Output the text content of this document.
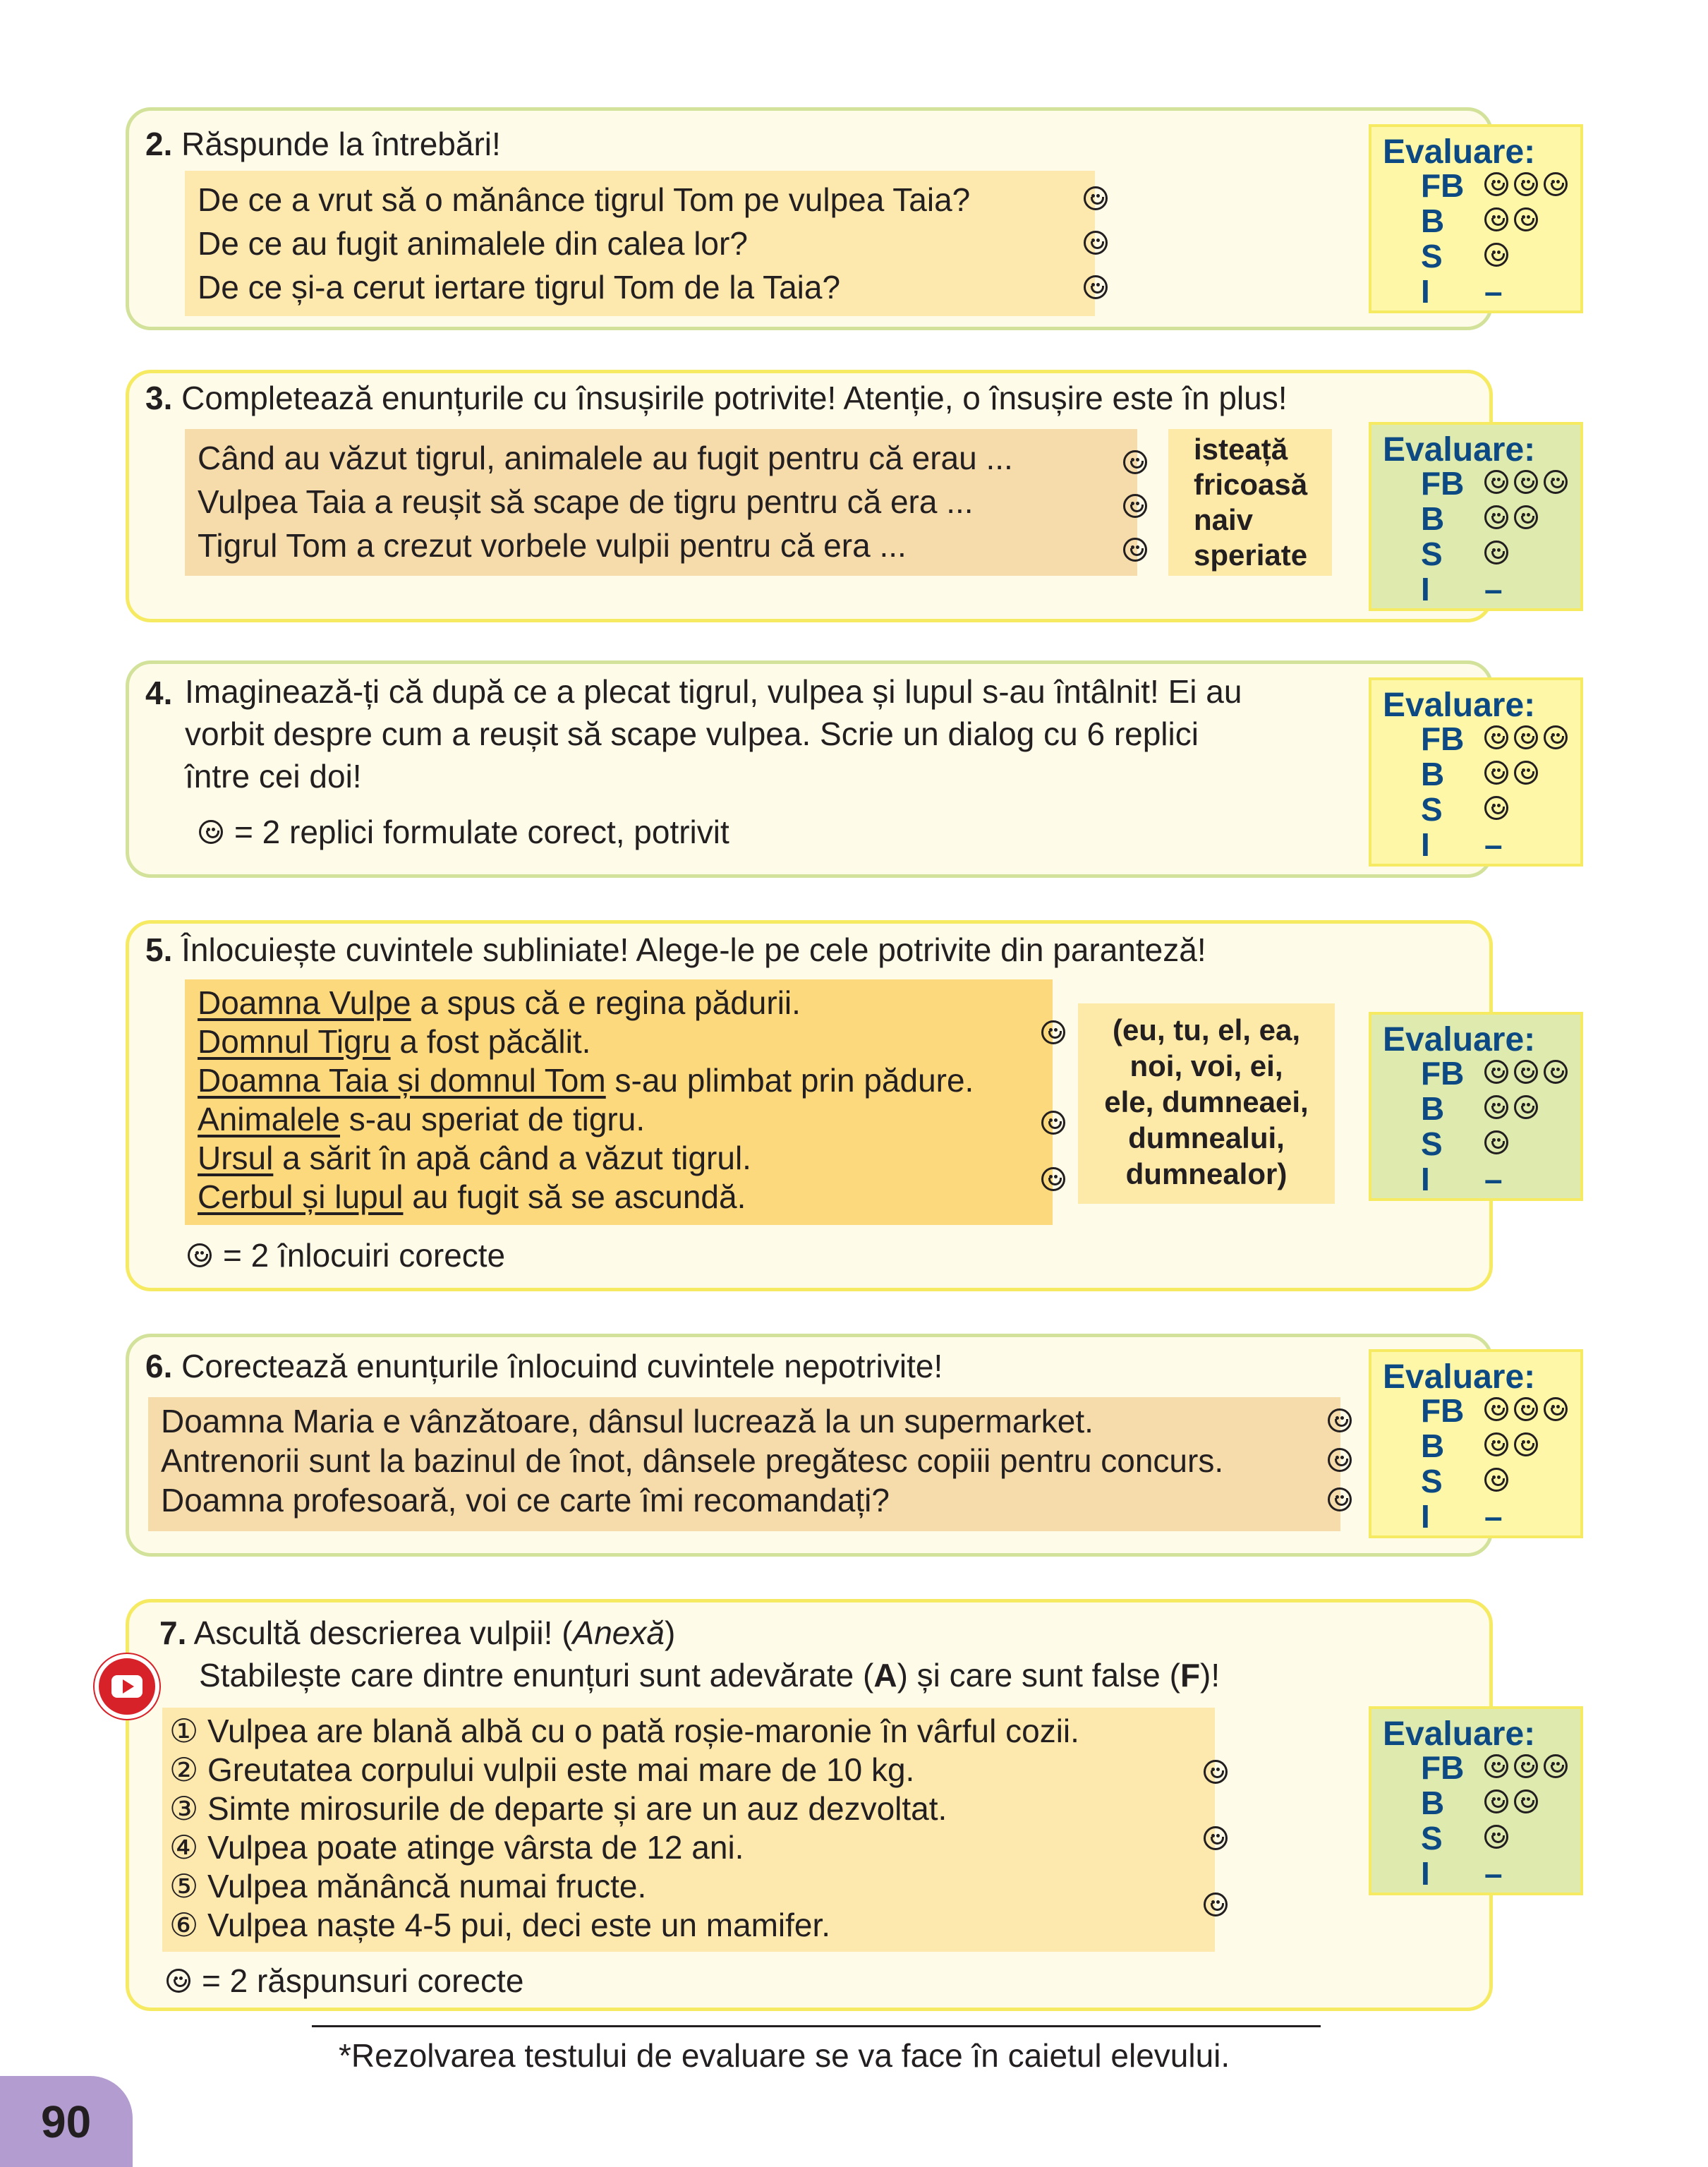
2. Răspunde la întrebări!
De ce a vrut să o mănânce tigrul Tom pe vulpea Taia?
De ce au fugit animalele din calea lor?
De ce și-a cerut iertare tigrul Tom de la Taia?
Evaluare:
FB
B
S
I –
3. Completează enunțurile cu însușirile potrivite! Atenție, o însușire este în plus!
Când au văzut tigrul, animalele au fugit pentru că erau ...
Vulpea Taia a reușit să scape de tigru pentru că era ...
Tigrul Tom a crezut vorbele vulpii pentru că era ...
isteață
fricoasă
naiv
speriate
Evaluare:
FB
B
S
I –
4. Imaginează-ți că după ce a plecat tigrul, vulpea și lupul s-au întâlnit! Ei au
vorbit despre cum a reușit să scape vulpea. Scrie un dialog cu 6 replici
între cei doi!
= 2 replici formulate corect, potrivit
Evaluare:
FB
B
S
I –
5. Înlocuiește cuvintele subliniate! Alege-le pe cele potrivite din paranteză!
Doamna Vulpe a spus că e regina pădurii.
Domnul Tigru a fost păcălit.
Doamna Taia și domnul Tom s-au plimbat prin pădure.
Animalele s-au speriat de tigru.
Ursul a sărit în apă când a văzut tigrul.
Cerbul și lupul au fugit să se ascundă.
(eu, tu, el, ea,
noi, voi, ei,
ele, dumneaei,
dumnealui,
dumnealor)
= 2 înlocuiri corecte
Evaluare:
FB
B
S
I –
6. Corectează enunțurile înlocuind cuvintele nepotrivite!
Doamna Maria e vânzătoare, dânsul lucrează la un supermarket.
Antrenorii sunt la bazinul de înot, dânsele pregătesc copiii pentru concurs.
Doamna profesoară, voi ce carte îmi recomandați?
Evaluare:
FB
B
S
I –
7. Ascultă descrierea vulpii! (Anexă)
Stabilește care dintre enunțuri sunt adevărate (A) și care sunt false (F)!
① Vulpea are blană albă cu o pată roșie-maronie în vârful cozii.
② Greutatea corpului vulpii este mai mare de 10 kg.
③ Simte mirosurile de departe și are un auz dezvoltat.
④ Vulpea poate atinge vârsta de 12 ani.
⑤ Vulpea mănâncă numai fructe.
⑥ Vulpea naște 4-5 pui, deci este un mamifer.
= 2 răspunsuri corecte
Evaluare:
FB
B
S
I –
*Rezolvarea testului de evaluare se va face în caietul elevului.
90
